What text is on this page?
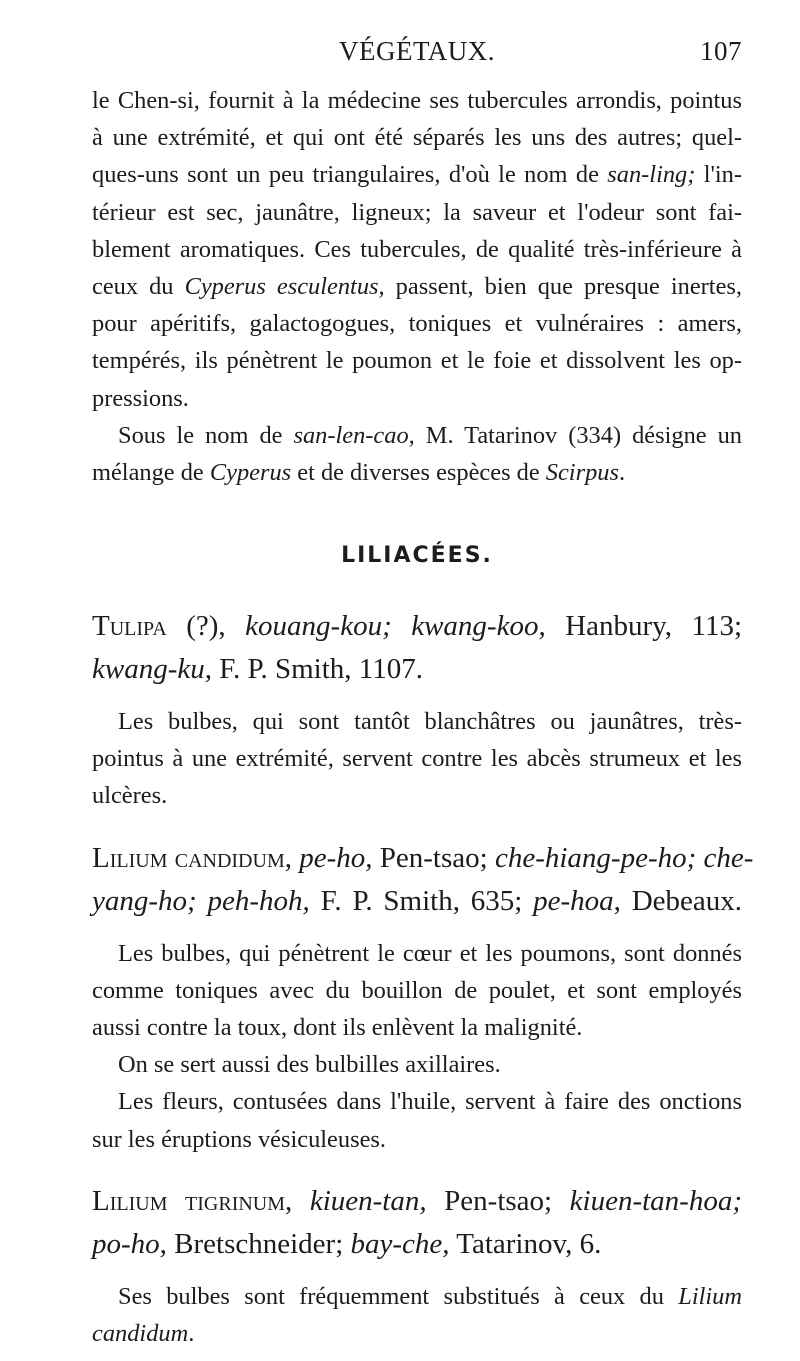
VÉGÉTAUX.	107
le Chen-si, fournit à la médecine ses tubercules arrondis, pointus
à une extrémité, et qui ont été séparés les uns des autres; quel-
ques-uns sont un peu triangulaires, d'où le nom de san-ling; l'in-
térieur est sec, jaunâtre, ligneux; la saveur et l'odeur sont fai-
blement aromatiques. Ces tubercules, de qualité très-inférieure à
ceux du Cyperus esculentus, passent, bien que presque inertes,
pour apéritifs, galactogogues, toniques et vulnéraires : amers,
tempérés, ils pénètrent le poumon et le foie et dissolvent les op-
pressions.
Sous le nom de san-len-cao, M. Tatarinov (334) désigne un
mélange de Cyperus et de diverses espèces de Scirpus.
LILIACÉES.
Tulipa (?), kouang-kou; kwang-koo, Hanbury, 113;
kwang-ku, F. P. Smith, 1107.
Les bulbes, qui sont tantôt blanchâtres ou jaunâtres, très-
pointus à une extrémité, servent contre les abcès strumeux et les
ulcères.
Lilium candidum, pe-ho, Pen-tsao; che-hiang-pe-ho; che-
yang-ho; peh-hoh, F. P. Smith, 635; pe-hoa, Debeaux.
Les bulbes, qui pénètrent le cœur et les poumons, sont donnés
comme toniques avec du bouillon de poulet, et sont employés
aussi contre la toux, dont ils enlèvent la malignité.
On se sert aussi des bulbilles axillaires.
Les fleurs, contusées dans l'huile, servent à faire des onctions
sur les éruptions vésiculeuses.
Lilium tigrinum, kiuen-tan, Pen-tsao; kiuen-tan-hoa;
po-ho, Bretschneider; bay-che, Tatarinov, 6.
Ses bulbes sont fréquemment substitués à ceux du Lilium
candidum.
